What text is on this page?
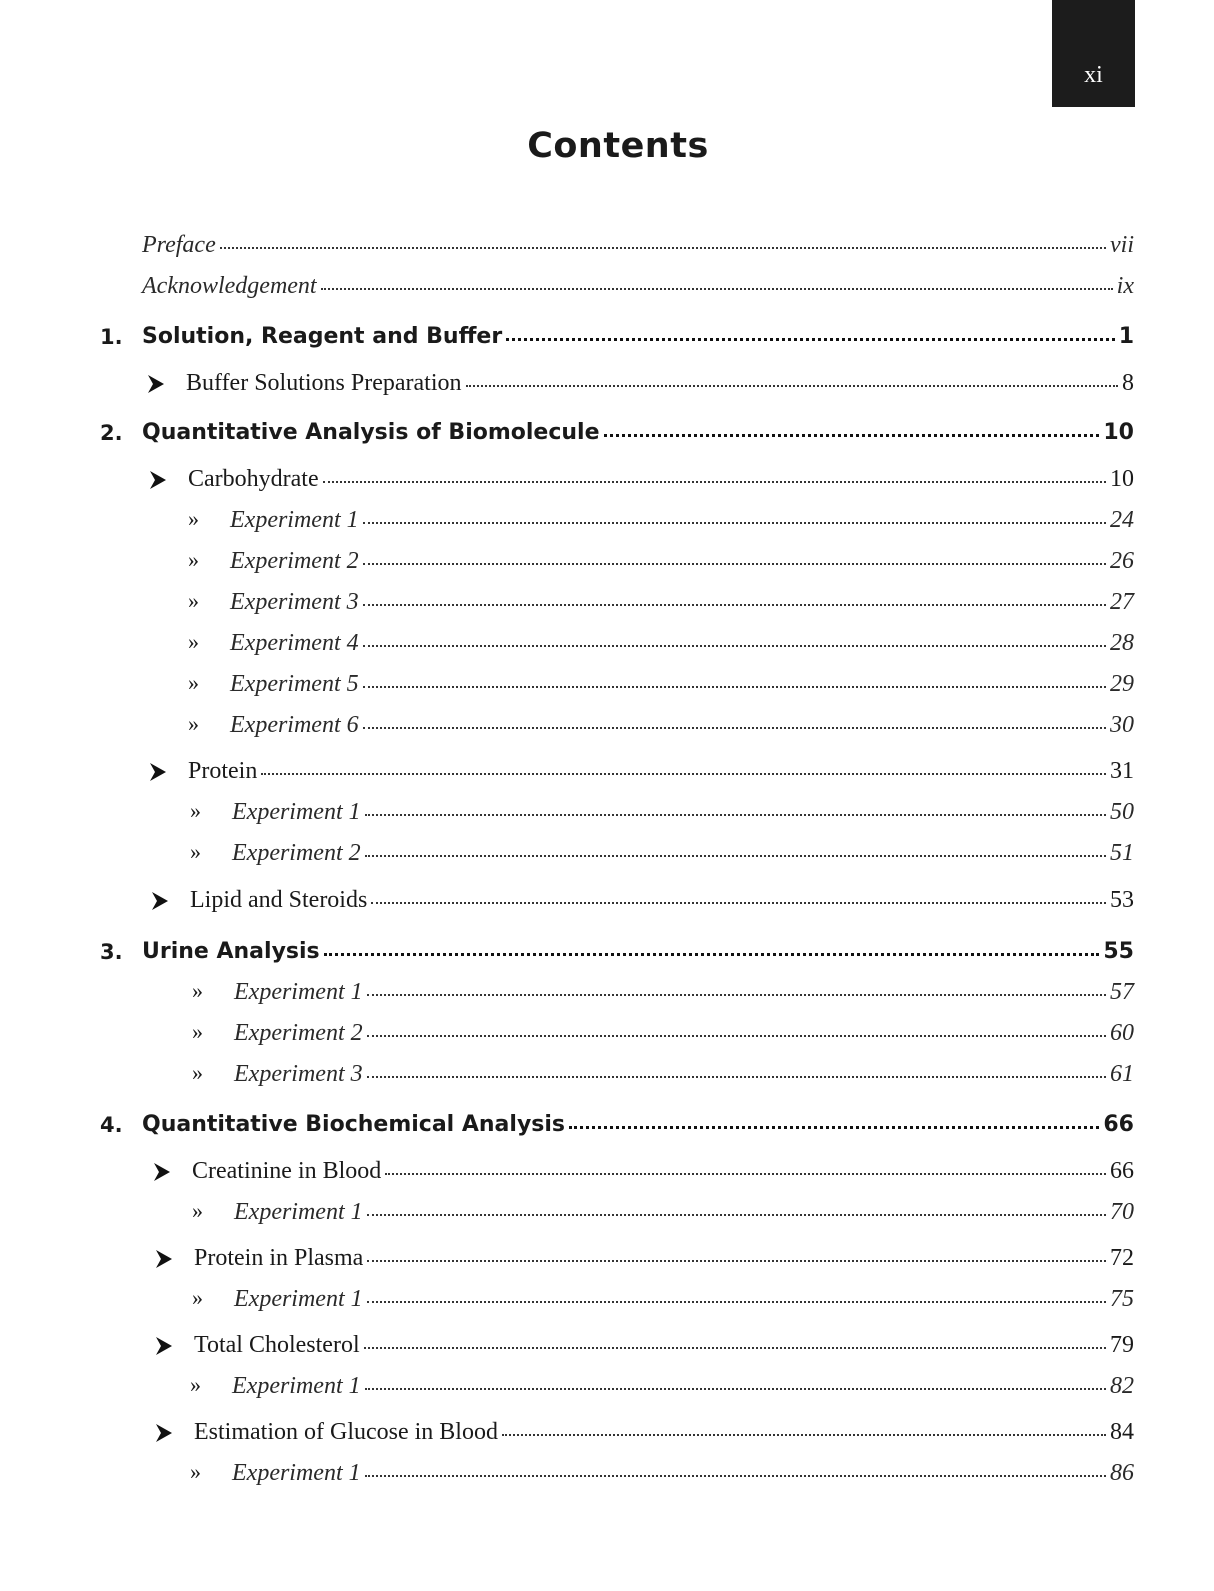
xi
Contents
Preface	vii
Acknowledgement	ix
1. Solution, Reagent and Buffer	1
Buffer Solutions Preparation	8
2. Quantitative Analysis of Biomolecule	10
Carbohydrate	10
Experiment 1	24
Experiment 2	26
Experiment 3	27
Experiment 4	28
Experiment 5	29
Experiment 6	30
Protein	31
Experiment 1	50
Experiment 2	51
Lipid and Steroids	53
3. Urine Analysis	55
Experiment 1	57
Experiment 2	60
Experiment 3	61
4. Quantitative Biochemical Analysis	66
Creatinine in Blood	66
Experiment 1	70
Protein in Plasma	72
Experiment 1	75
Total Cholesterol	79
Experiment 1	82
Estimation of Glucose in Blood	84
Experiment 1	86
»
»
»
»
»
»
»
»
»
»
»
»
»
»
»
